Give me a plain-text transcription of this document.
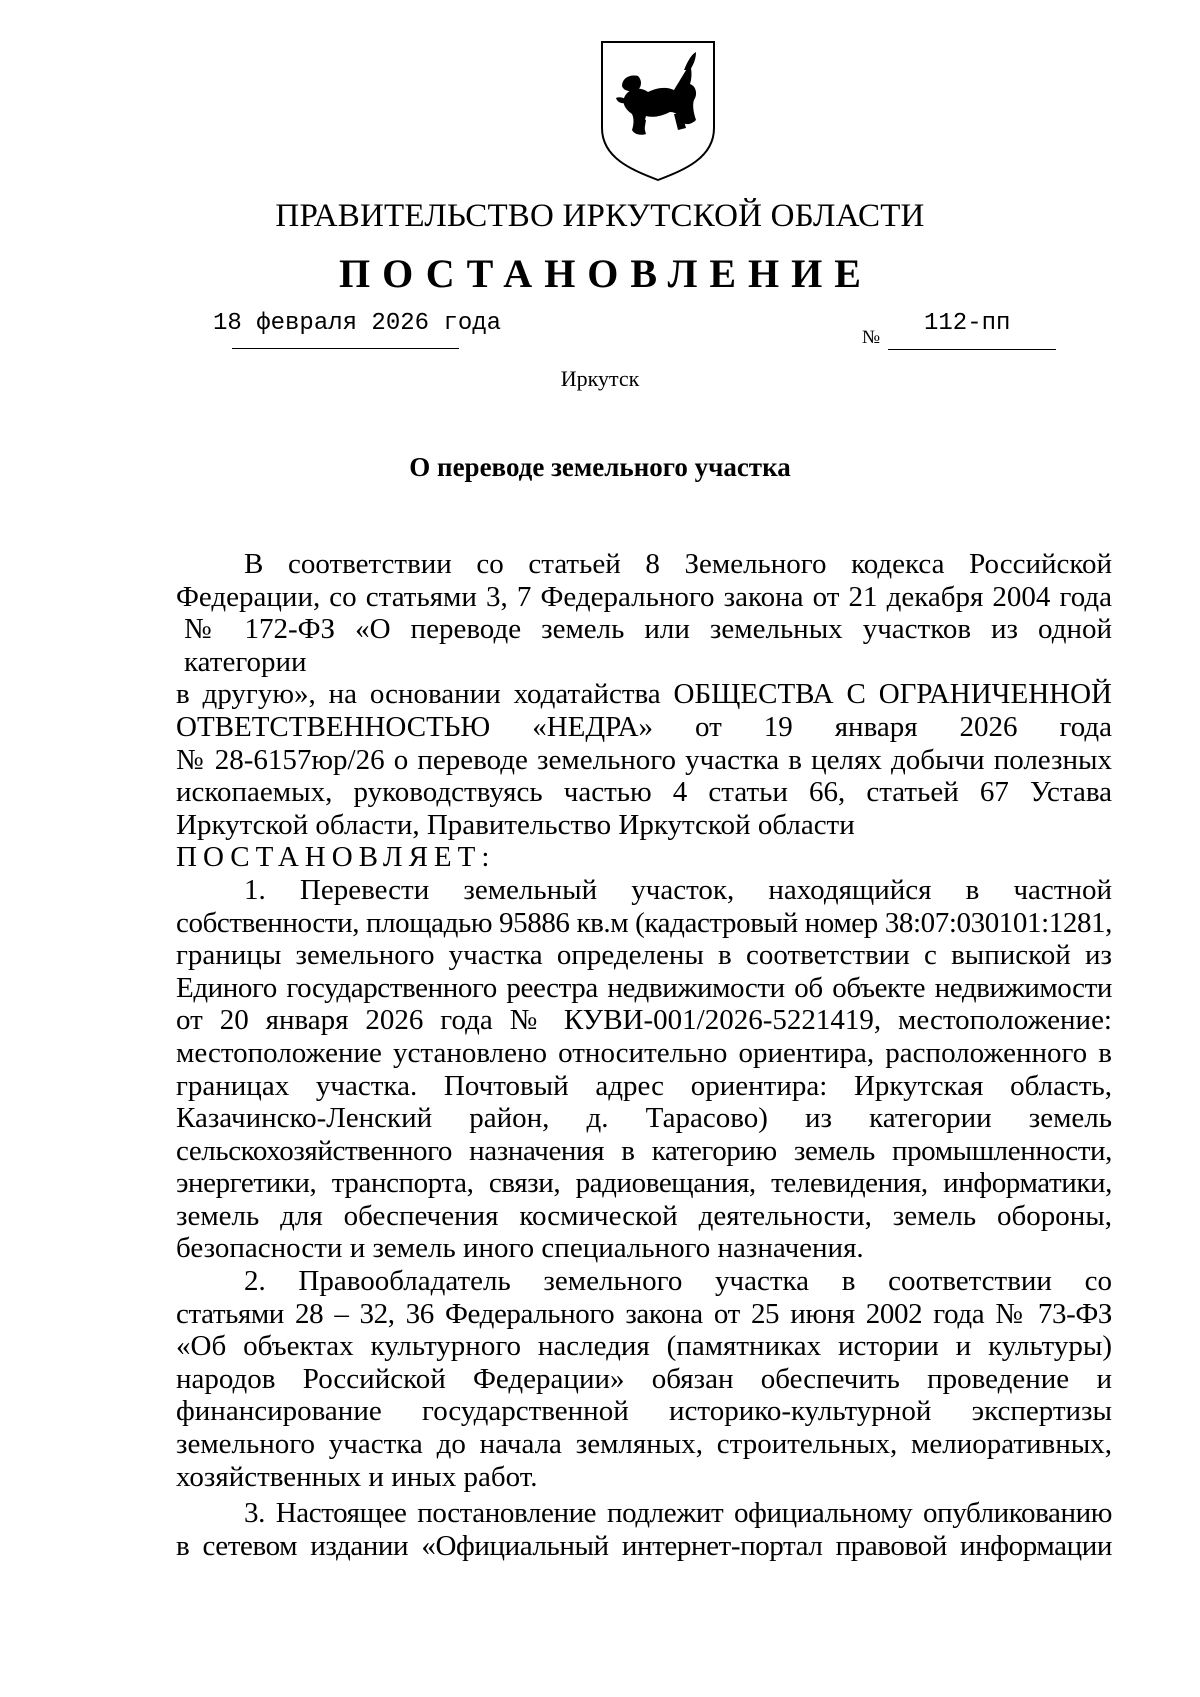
ПРАВИТЕЛЬСТВО ИРКУТСКОЙ ОБЛАСТИ
ПОСТАНОВЛЕНИЕ
18 февраля 2026 года
№
112-пп
Иркутск
О переводе земельного участка

В соответствии со статьей 8 Земельного кодекса Российской

Федерации, со статьями 3, 7 Федерального закона от 21 декабря 2004 года

№ 172-ФЗ «О переводе земель или земельных участков из одной категории

в другую», на основании ходатайства ОБЩЕСТВА С ОГРАНИЧЕННОЙ

ОТВЕТСТВЕННОСТЬЮ «НЕДРА» от 19 января 2026 года

№ 28-6157юр/26 о переводе земельного участка в целях добычи полезных

ископаемых, руководствуясь частью 4 статьи 66, статьей 67 Устава

Иркутской области, Правительство Иркутской области

ПОСТАНОВЛЯЕТ:

1. Перевести земельный участок, находящийся в частной

собственности, площадью 95886 кв.м (кадастровый номер 38:07:030101:1281,

границы земельного участка определены в соответствии с выпиской из

Единого государственного реестра недвижимости об объекте недвижимости

от 20 января 2026 года № КУВИ-001/2026-5221419, местоположение:

местоположение установлено относительно ориентира, расположенного в

границах участка. Почтовый адрес ориентира: Иркутская область,

Казачинско-Ленский район, д. Тарасово) из категории земель

сельскохозяйственного назначения в категорию земель промышленности,

энергетики, транспорта, связи, радиовещания, телевидения, информатики,

земель для обеспечения космической деятельности, земель обороны,

безопасности и земель иного специального назначения.

2. Правообладатель земельного участка в соответствии со

статьями 28 – 32, 36 Федерального закона от 25 июня 2002 года № 73-ФЗ

«Об объектах культурного наследия (памятниках истории и культуры)

народов Российской Федерации» обязан обеспечить проведение и

финансирование государственной историко-культурной экспертизы

земельного участка до начала земляных, строительных, мелиоративных,

хозяйственных и иных работ.

3. Настоящее постановление подлежит официальному опубликованию

в сетевом издании «Официальный интернет-портал правовой информации
